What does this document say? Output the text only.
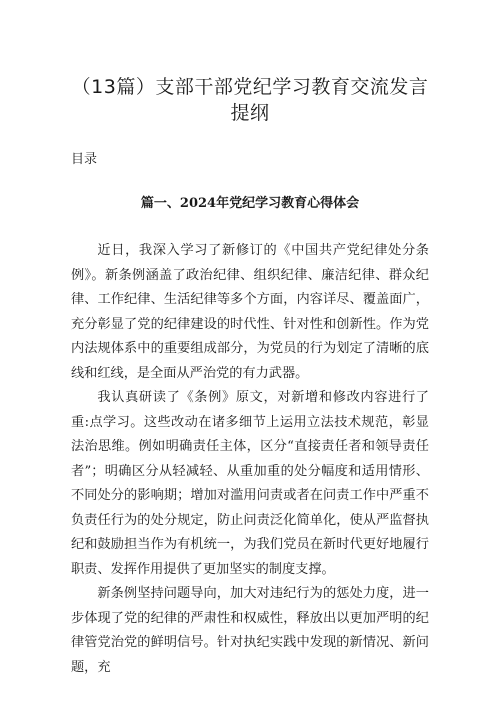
（13篇）支部干部党纪学习教育交流发言提纲
目录
篇一、2024年党纪学习教育心得体会

近日，我深入学习了新修订的《中国共产党纪律处分条例》。新条例涵盖了政治纪律、组织纪律、廉洁纪律、群众纪律、工作纪律、生活纪律等多个方面，内容详尽、覆盖面广，充分彰显了党的纪律建设的时代性、针对性和创新性。作为党内法规体系中的重要组成部分，为党员的行为划定了清晰的底线和红线，是全面从严治党的有力武器。

我认真研读了《条例》原文，对新增和修改内容进行了重:点学习。这些改动在诸多细节上运用立法技术规范，彰显法治思维。例如明确责任主体，区分“直接责任者和领导责任者”；明确区分从轻减轻、从重加重的处分幅度和适用情形、不同处分的影响期；增加对滥用问责或者在问责工作中严重不负责任行为的处分规定，防止问责泛化简单化，使从严监督执纪和鼓励担当作为有机统一，为我们党员在新时代更好地履行职责、发挥作用提供了更加坚实的制度支撑。

新条例坚持问题导向，加大对违纪行为的惩处力度，进一步体现了党的纪律的严肃性和权威性，释放出以更加严明的纪律管党治党的鲜明信号。针对执纪实践中发现的新情况、新问题，充
